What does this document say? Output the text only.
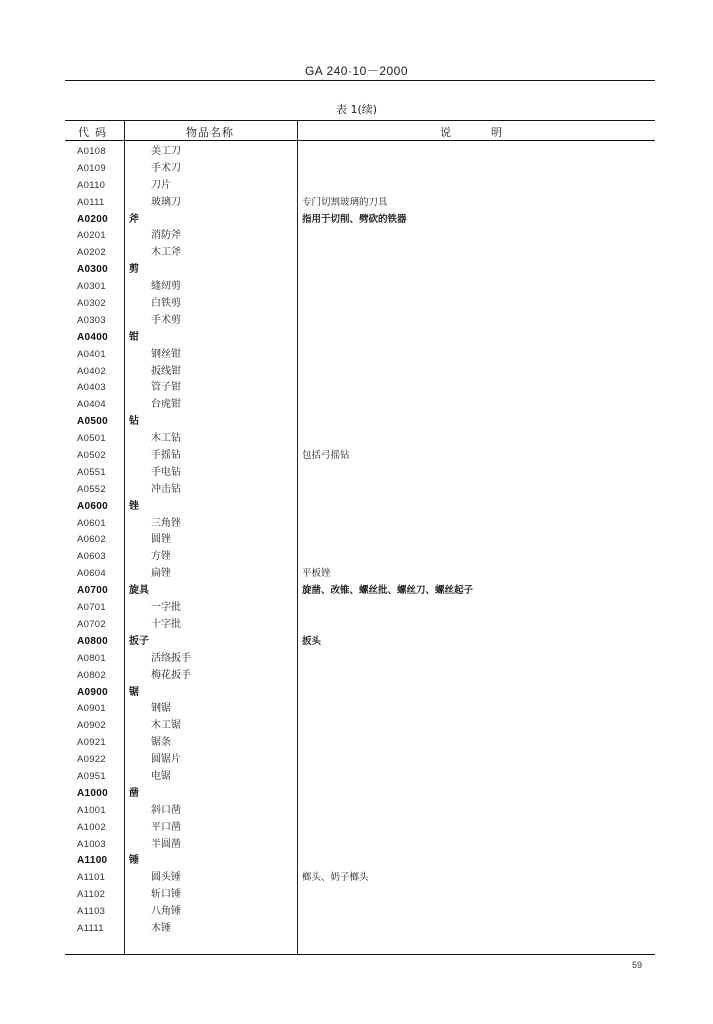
GA 240·10－2000
表 1(续)
代码	物品名称	说明
A0108	美工刀
A0109	手术刀
A0110	刀片
A0111	玻璃刀	专门切割玻璃的刀具
A0200	斧	指用于切削、劈砍的铁器
A0201	消防斧
A0202	木工斧
A0300	剪
A0301	缝纫剪
A0302	白铁剪
A0303	手术剪
A0400	钳
A0401	钢丝钳
A0402	扳线钳
A0403	管子钳
A0404	台虎钳
A0500	钻
A0501	木工钻
A0502	手摇钻	包括弓摇钻
A0551	手电钻
A0552	冲击钻
A0600	锉
A0601	三角锉
A0602	圆锉
A0603	方锉
A0604	扁锉	平板锉
A0700	旋具	旋凿、改锥、螺丝批、螺丝刀、螺丝起子
A0701	一字批
A0702	十字批
A0800	扳子	扳头
A0801	活络扳手
A0802	梅花扳手
A0900	锯
A0901	钢锯
A0902	木工锯
A0921	锯条
A0922	圆锯片
A0951	电锯
A1000	凿
A1001	斜口凿
A1002	平口凿
A1003	半圆凿
A1100	锤
A1101	圆头锤	榔头、奶子榔头
A1102	斩口锤
A1103	八角锤
A1111	木锤
59
